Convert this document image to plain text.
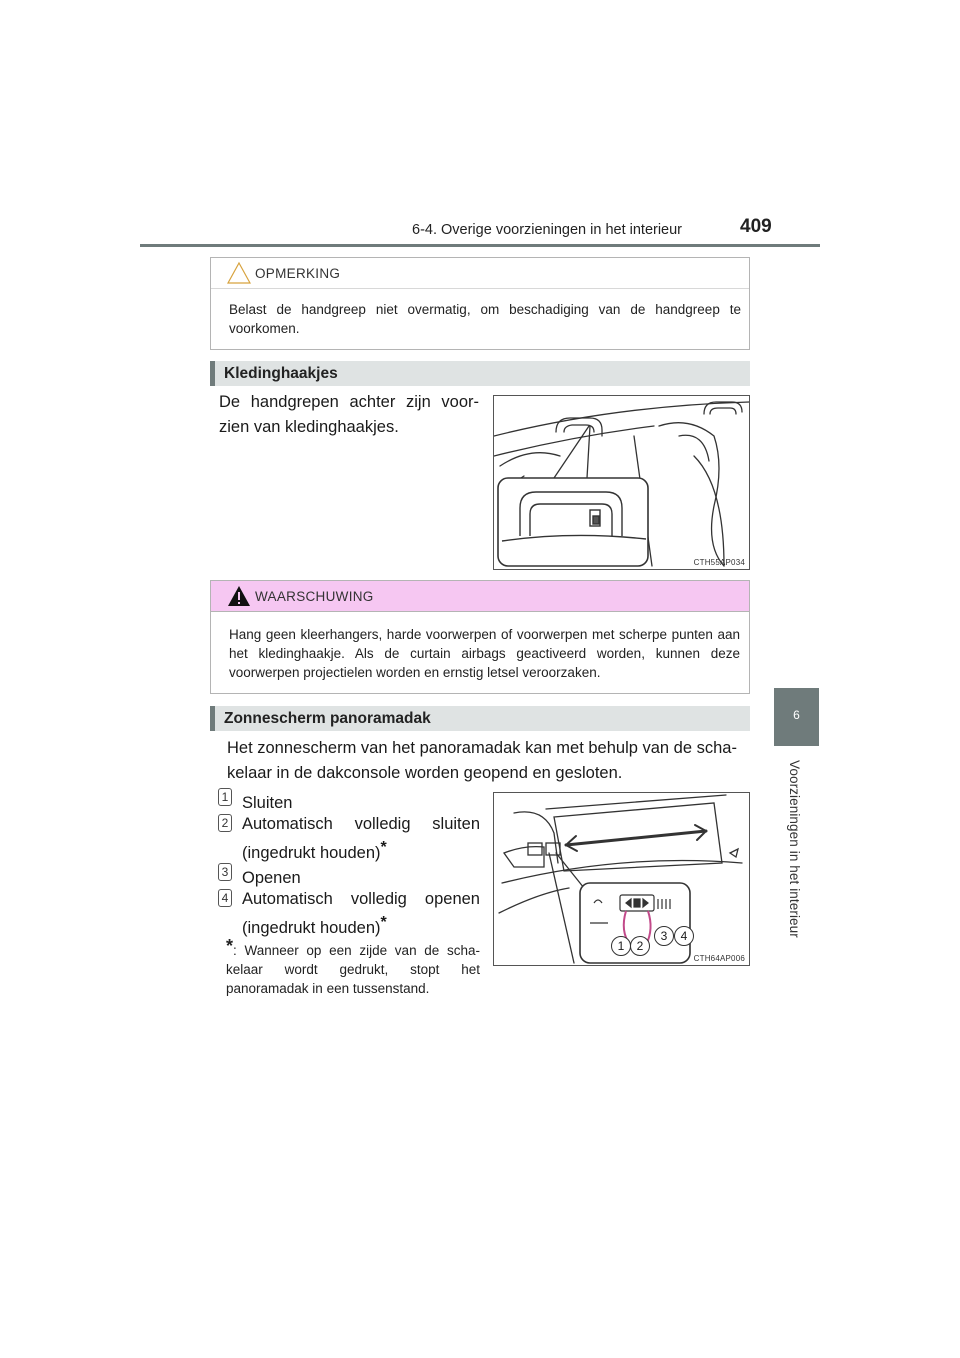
6-4. Overige voorzieningen in het interieur	409
6
Voorzieningen in het interieur
OPMERKING
Belast de handgreep niet overmatig, om beschadiging van de handgreep te voorkomen.
Kledinghaakjes
De handgrepen achter zijn voor-zien van kledinghaakjes.
CTH55AP034
WAARSCHUWING
Hang geen kleerhangers, harde voorwerpen of voorwerpen met scherpe punten aan het kledinghaakje. Als de curtain airbags geactiveerd worden, kunnen deze voorwerpen projectielen worden en ernstig letsel veroorzaken.
Zonnescherm panoramadak
Het zonnescherm van het panoramadak kan met behulp van de scha-kelaar in de dakconsole worden geopend en gesloten.
1 Sluiten
2 Automatisch volledig sluiten (ingedrukt houden)*
3 Openen
4 Automatisch volledig openen (ingedrukt houden)*
*: Wanneer op een zijde van de scha-kelaar wordt gedrukt, stopt het panoramadak in een tussenstand.
1	2
3	4
CTH64AP006
